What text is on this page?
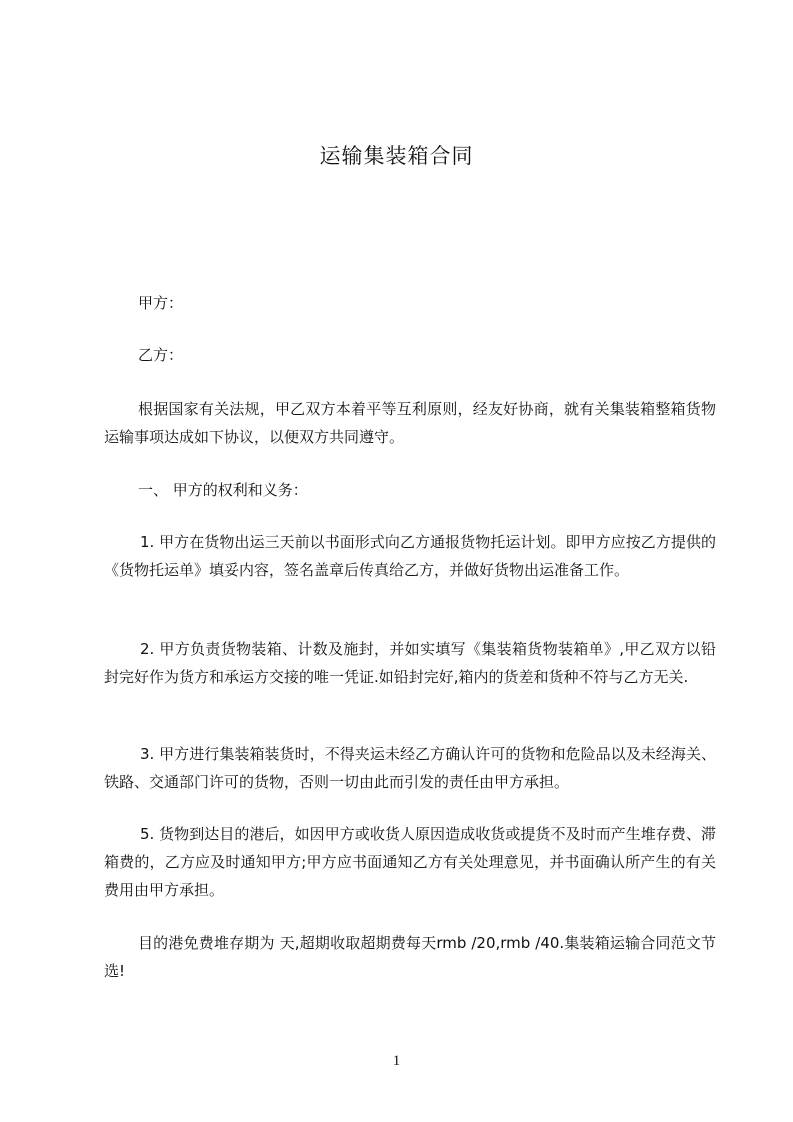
运输集装箱合同

甲方：

乙方：

根据国家有关法规，甲乙双方本着平等互利原则，经友好协商，就有关集装箱整箱货物运输事项达成如下协议，以便双方共同遵守。

一、 甲方的权利和义务：

1. 甲方在货物出运三天前以书面形式向乙方通报货物托运计划。即甲方应按乙方提供的《货物托运单》填妥内容，签名盖章后传真给乙方，并做好货物出运准备工作。

2. 甲方负责货物装箱、计数及施封，并如实填写《集装箱货物装箱单》,甲乙双方以铅封完好作为货方和承运方交接的唯一凭证.如铅封完好,箱内的货差和货种不符与乙方无关.

3. 甲方进行集装箱装货时，不得夹运未经乙方确认许可的货物和危险品以及未经海关、铁路、交通部门许可的货物，否则一切由此而引发的责任由甲方承担。

5. 货物到达目的港后，如因甲方或收货人原因造成收货或提货不及时而产生堆存费、滞箱费的，乙方应及时通知甲方;甲方应书面通知乙方有关处理意见，并书面确认所产生的有关费用由甲方承担。

目的港免费堆存期为 天,超期收取超期费每天rmb /20,rmb /40.集装箱运输合同范文节选!

1
